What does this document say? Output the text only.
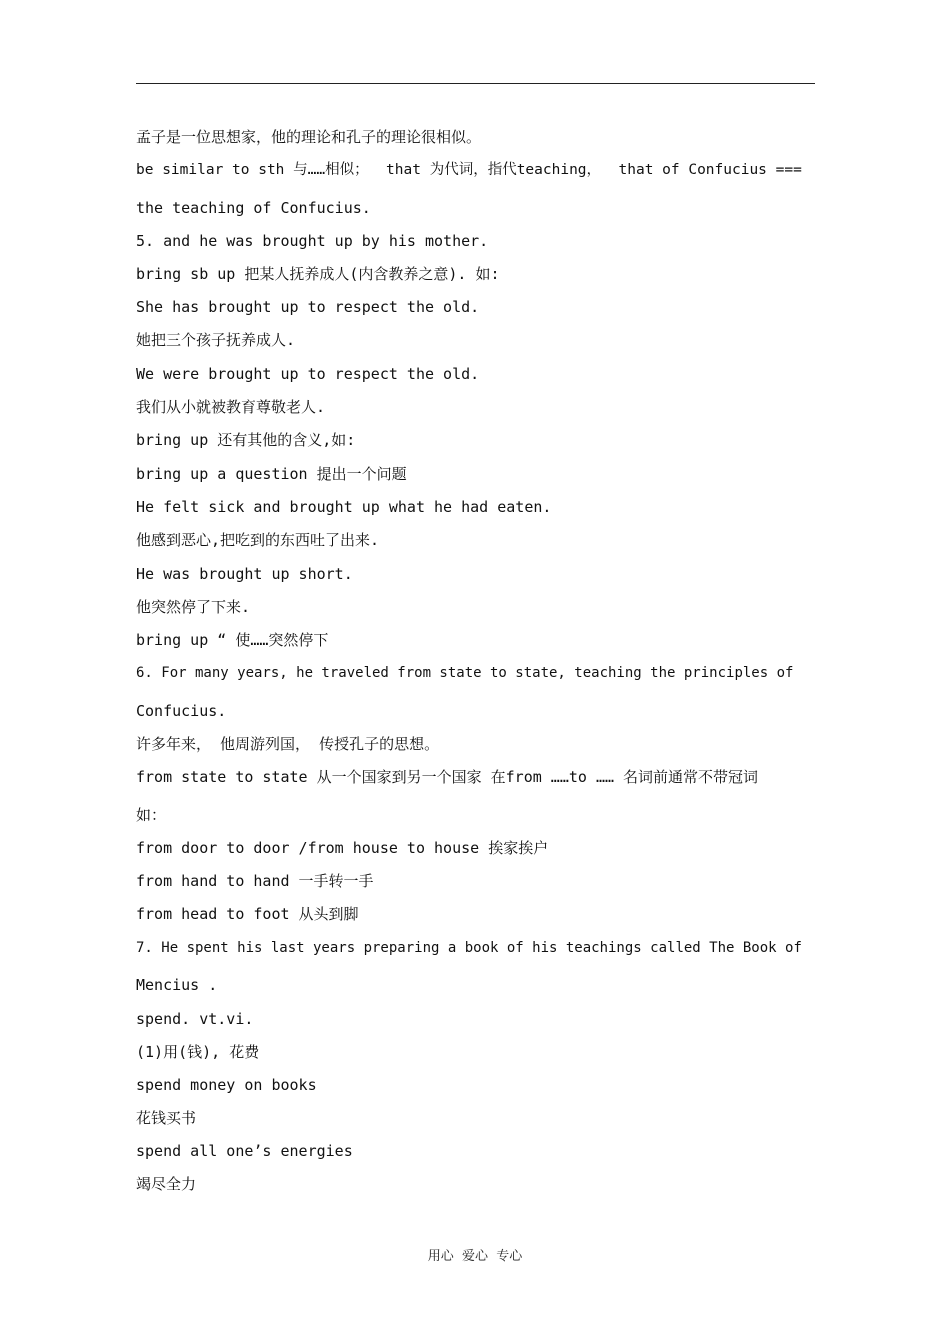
孟子是一位思想家，他的理论和孔子的理论很相似。
be similar to sth 与……相似；  that 为代词，指代teaching，  that of Confucius ===
the teaching of Confucius.
5. and he was brought up by his mother.
bring sb up 把某人抚养成人(内含教养之意). 如:
She has brought up to respect the old.
她把三个孩子抚养成人.
We were brought up to respect the old.
我们从小就被教育尊敬老人.
bring up 还有其他的含义,如:
bring up a question 提出一个问题
He felt sick and brought up what he had eaten.
他感到恶心,把吃到的东西吐了出来.
He was brought up short.
他突然停了下来.
bring up “ 使……突然停下
6. For many years, he traveled from state to state, teaching the principles of
Confucius.
许多年来， 他周游列国， 传授孔子的思想。
from state to state 从一个国家到另一个国家 在from ……to …… 名词前通常不带冠词
如：
from door to door /from house to house 挨家挨户
from hand to hand 一手转一手
from head to foot 从头到脚
7. He spent his last years preparing a book of his teachings called The Book of
Mencius .
spend. vt.vi.
(1)用(钱), 花费
spend money on books
花钱买书
spend all one’s energies
竭尽全力
用心  爱心  专心
